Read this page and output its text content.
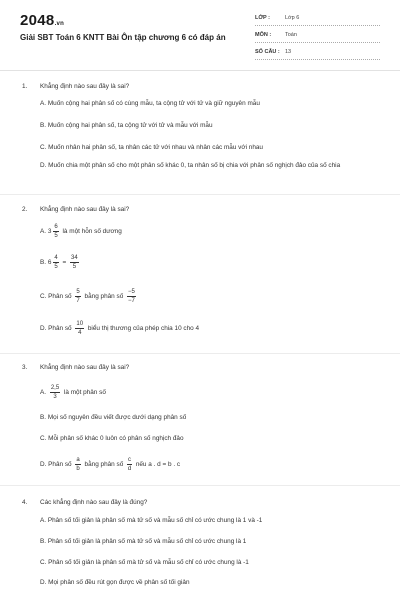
2048.vn
Giải SBT Toán 6 KNTT Bài Ôn tập chương 6 có đáp án
LỚP :	Lớp 6
MÔN :	Toán
SỐ CÂU : 13
1. Khẳng định nào sau đây là sai?
A. Muốn cộng hai phân số có cùng mẫu, ta cộng tử với tử và giữ nguyên mẫu
B. Muốn cộng hai phân số, ta cộng tử với tử và mẫu với mẫu
C. Muốn nhân hai phân số, ta nhân các tử với nhau và nhân các mẫu với nhau
D. Muốn chia một phân số cho một phân số khác 0, ta nhân số bị chia với phân số nghịch đảo của số chia
2. Khẳng định nào sau đây là sai?
A. $3 \frac{6}{5}$ là một hỗn số dương
B. $6 \frac{4}{5} = \frac{34}{5}$
C. Phân số $\frac{5}{7}$ bằng phân số $\frac{-5}{-7}$
D. Phân số $\frac{10}{4}$ biểu thị thương của phép chia 10 cho 4
3. Khẳng định nào sau đây là sai?
A. $\frac{2,5}{3}$ là một phân số
B. Mọi số nguyên đều viết được dưới dạng phân số
C. Mỗi phân số khác 0 luôn có phân số nghịch đảo
D. Phân số $\frac{a}{b}$ bằng phân số $\frac{c}{d}$ nếu a . d = b . c
4. Các khẳng định nào sau đây là đúng?
A. Phân số tối giản là phân số mà tử số và mẫu số chỉ có ước chung là 1 và -1
B. Phân số tối giản là phân số mà tử số và mẫu số chỉ có ước chung là 1
C. Phân số tối giản là phân số mà tử số và mẫu số chỉ có ước chung là -1
D. Mọi phân số đều rút gọn được về phân số tối giản
